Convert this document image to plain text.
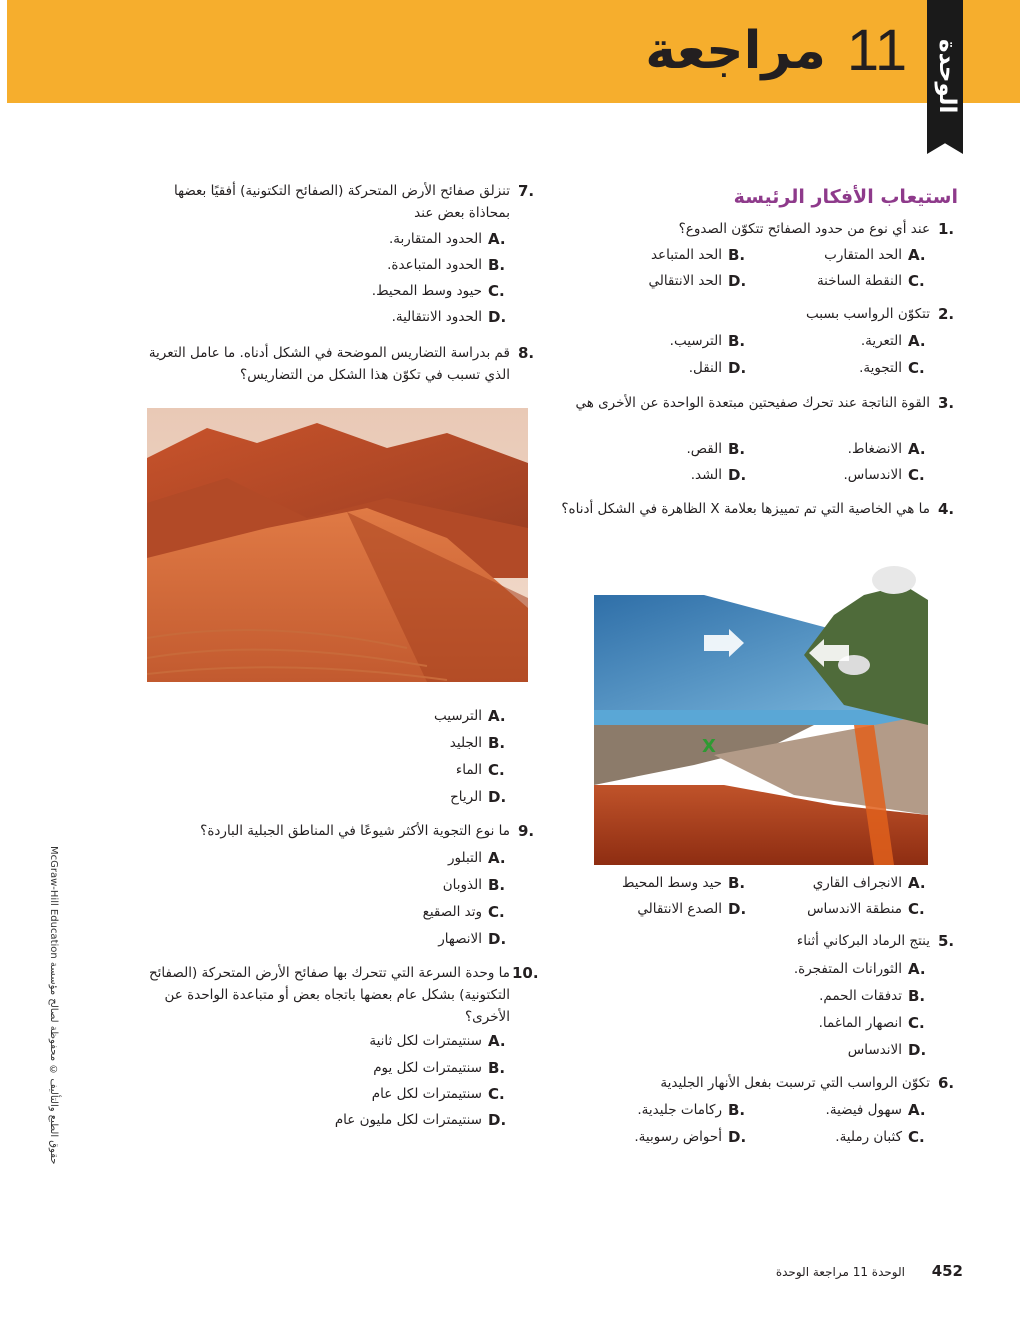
الوحدة
11
مراجعة
استيعاب الأفكار الرئيسة
1.
عند أي نوع من حدود الصفائح تتكوّن الصدوع؟
A.
الحد المتقارب
B.
الحد المتباعد
C.
النقطة الساخنة
D.
الحد الانتقالي
2.
تتكوّن الرواسب بسبب
A.
التعرية.
B.
الترسيب.
C.
التجوية.
D.
النقل.
3.
القوة الناتجة عند تحرك صفيحتين مبتعدة الواحدة عن الأخرى هي
A.
الانضغاط.
B.
القص.
C.
الاندساس.
D.
الشد.
4.
ما هي الخاصية التي تم تمييزها بعلامة X الظاهرة في الشكل أدناه؟
X
A.
الانجراف القاري
B.
حيد وسط المحيط
C.
منطقة الاندساس
D.
الصدع الانتقالي
5.
ينتج الرماد البركاني أثناء
A.
الثورانات المتفجرة.
B.
تدفقات الحمم.
C.
انصهار الماغما.
D.
الاندساس
6.
تكوّن الرواسب التي ترسبت بفعل الأنهار الجليدية
A.
سهول فيضية.
B.
ركامات جليدية.
C.
كثبان رملية.
D.
أحواض رسوبية.
7.
تنزلق صفائح الأرض المتحركة (الصفائح التكتونية) أفقيًا بعضها بمحاذاة بعض عند
A.
الحدود المتقاربة.
B.
الحدود المتباعدة.
C.
حيود وسط المحيط.
D.
الحدود الانتقالية.
8.
قم بدراسة التضاريس الموضحة في الشكل أدناه. ما عامل التعرية الذي تسبب في تكوّن هذا الشكل من التضاريس؟
A.
الترسيب
B.
الجليد
C.
الماء
D.
الرياح
9.
ما نوع التجوية الأكثر شيوعًا في المناطق الجبلية الباردة؟
A.
التبلور
B.
الذوبان
C.
وتد الصقيع
D.
الانصهار
10.
ما وحدة السرعة التي تتحرك بها صفائح الأرض المتحركة (الصفائح التكتونية) بشكل عام بعضها باتجاه بعض أو متباعدة الواحدة عن الأخرى؟
A.
سنتيمترات لكل ثانية
B.
سنتيمترات لكل يوم
C.
سنتيمترات لكل عام
D.
سنتيمترات لكل مليون عام
حقوق الطبع والتأليف © محفوظة لصالح مؤسسة McGraw-Hill Education
الوحدة 11 مراجعة الوحدة	452
